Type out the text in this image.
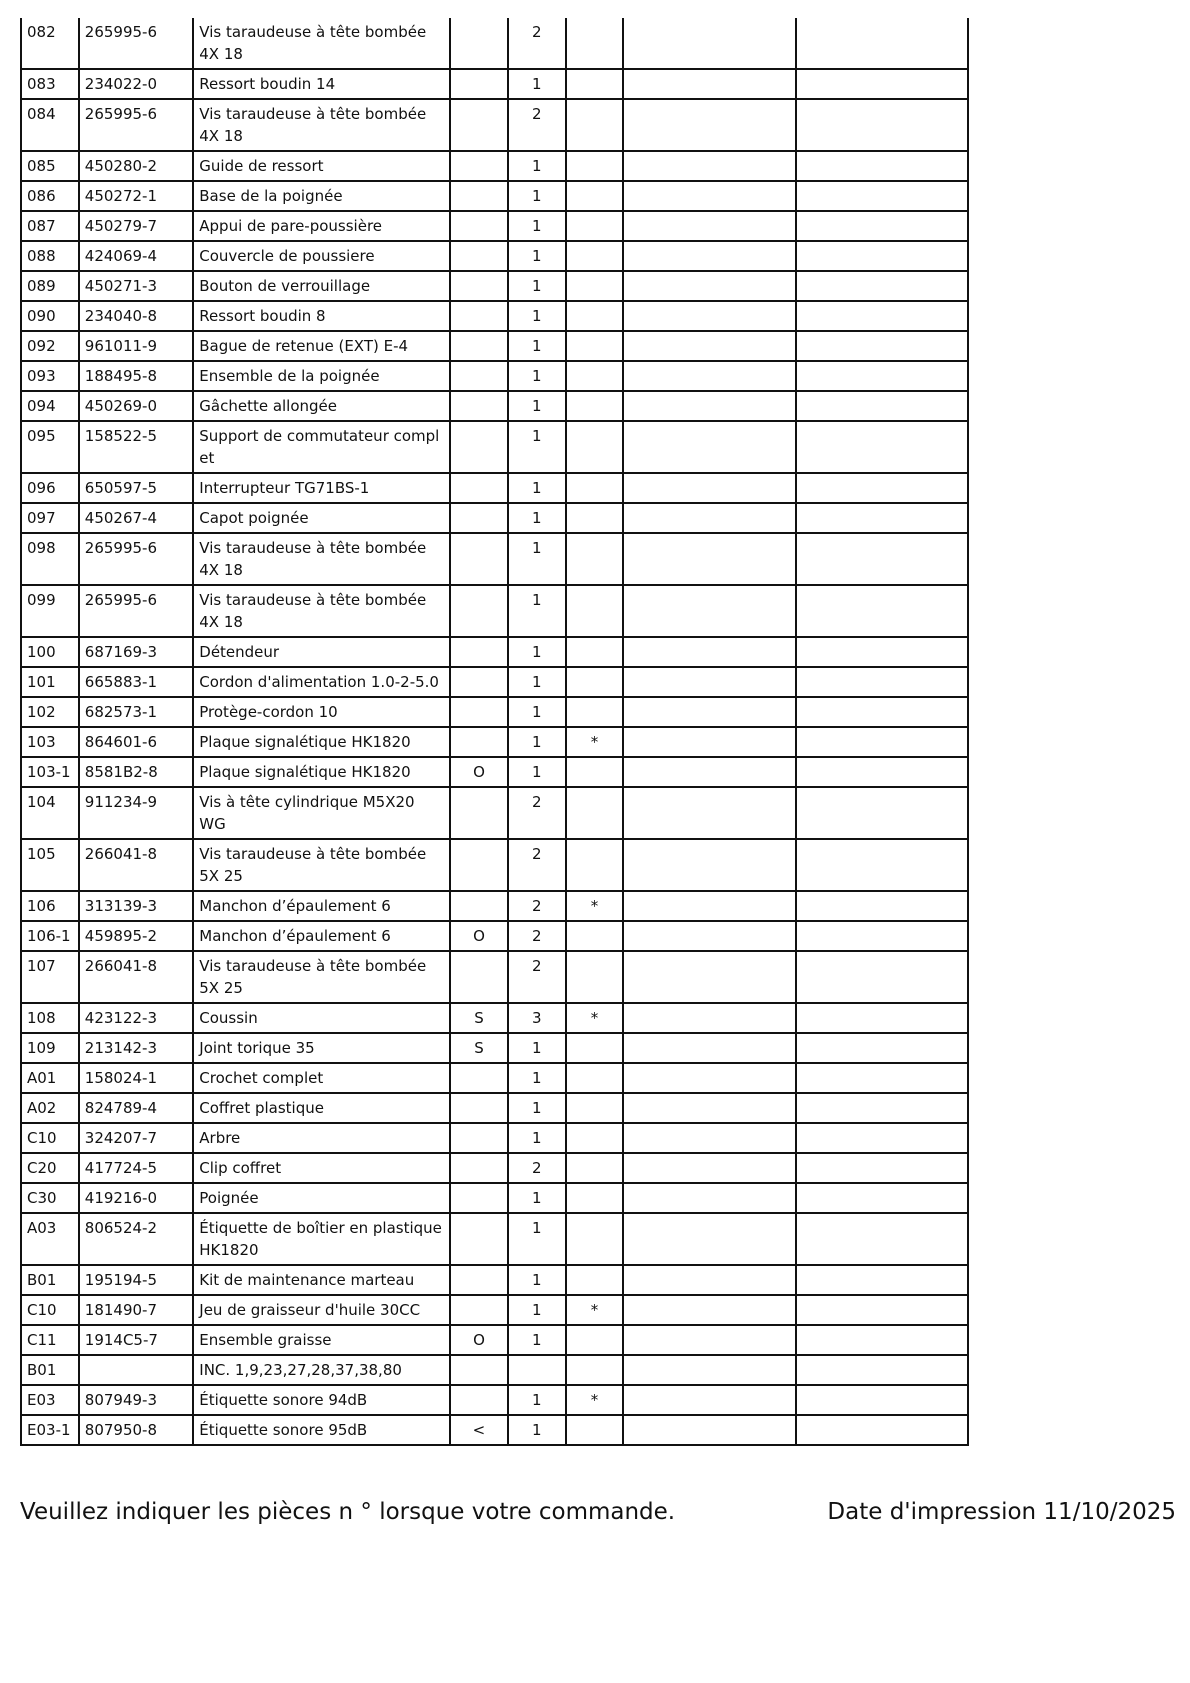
082	265995-6	Vis taraudeuse à tête bombée 4X 18		2			
083	234022-0	Ressort boudin 14		1			
084	265995-6	Vis taraudeuse à tête bombée 4X 18		2			
085	450280-2	Guide de ressort		1			
086	450272-1	Base de la poignée		1			
087	450279-7	Appui de pare-poussière		1			
088	424069-4	Couvercle de poussiere		1			
089	450271-3	Bouton de verrouillage		1			
090	234040-8	Ressort boudin 8		1			
092	961011-9	Bague de retenue (EXT) E-4		1			
093	188495-8	Ensemble de la poignée		1			
094	450269-0	Gâchette allongée		1			
095	158522-5	Support de commutateur compl et		1			
096	650597-5	Interrupteur TG71BS-1		1			
097	450267-4	Capot poignée		1			
098	265995-6	Vis taraudeuse à tête bombée 4X 18		1			
099	265995-6	Vis taraudeuse à tête bombée 4X 18		1			
100	687169-3	Détendeur		1			
101	665883-1	Cordon d'alimentation 1.0-2-5.0		1			
102	682573-1	Protège-cordon 10		1			
103	864601-6	Plaque signalétique HK1820		1	*		
103-1	8581B2-8	Plaque signalétique HK1820	O	1			
104	911234-9	Vis à tête cylindrique M5X20 WG		2			
105	266041-8	Vis taraudeuse à tête bombée 5X 25		2			
106	313139-3	Manchon d’épaulement 6		2	*		
106-1	459895-2	Manchon d’épaulement 6	O	2			
107	266041-8	Vis taraudeuse à tête bombée 5X 25		2			
108	423122-3	Coussin	S	3	*		
109	213142-3	Joint torique 35	S	1			
A01	158024-1	Crochet complet		1			
A02	824789-4	Coffret plastique		1			
C10	324207-7	Arbre		1			
C20	417724-5	Clip coffret		2			
C30	419216-0	Poignée		1			
A03	806524-2	Étiquette de boîtier en plastique HK1820		1			
B01	195194-5	Kit de maintenance marteau		1			
C10	181490-7	Jeu de graisseur d'huile 30CC		1	*		
C11	1914C5-7	Ensemble graisse	O	1			
B01		INC. 1,9,23,27,28,37,38,80					
E03	807949-3	Étiquette sonore 94dB		1	*		
E03-1	807950-8	Étiquette sonore 95dB	<	1			
Veuillez indiquer les pièces n ° lorsque votre commande.	Date d'impression 11/10/2025
